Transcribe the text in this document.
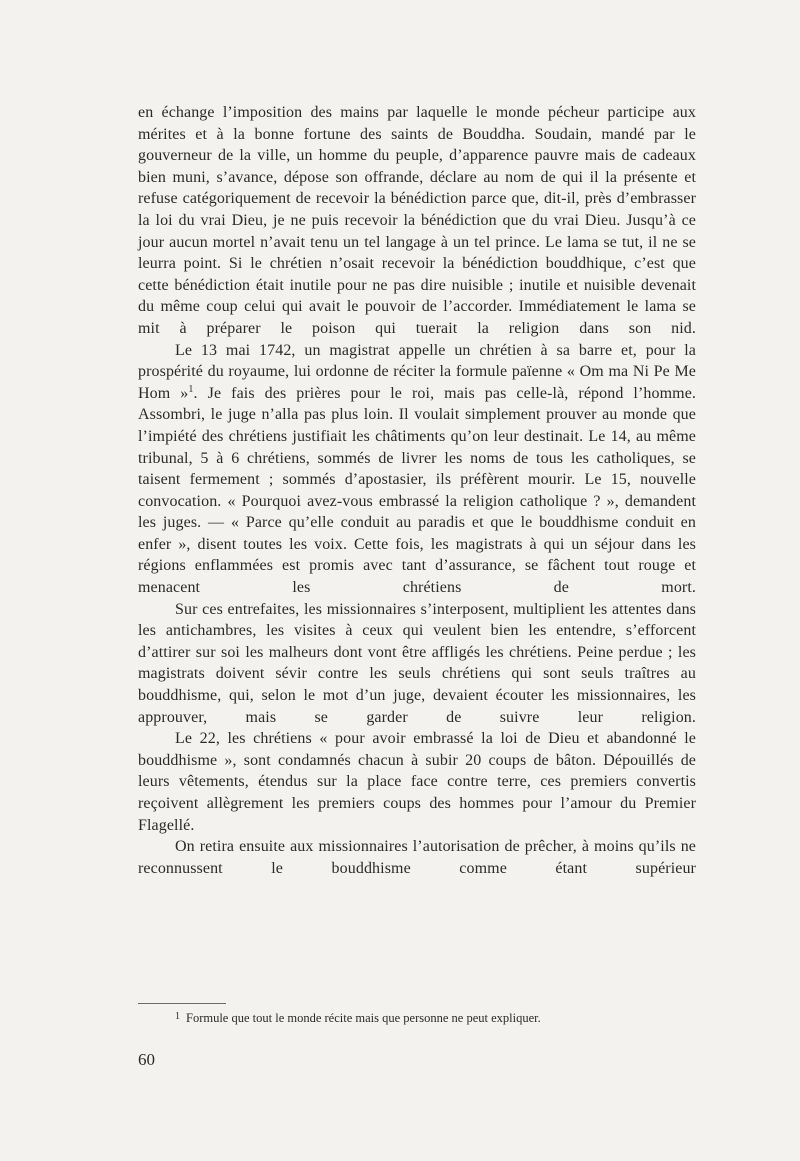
en échange l’imposition des mains par laquelle le monde pécheur participe aux mérites et à la bonne fortune des saints de Bouddha. Soudain, mandé par le gouverneur de la ville, un homme du peuple, d’apparence pauvre mais de cadeaux bien muni, s’avance, dépose son offrande, déclare au nom de qui il la présente et refuse catégoriquement de recevoir la bénédiction parce que, dit-il, près d’embrasser la loi du vrai Dieu, je ne puis recevoir la bénédiction que du vrai Dieu. Jusqu’à ce jour aucun mortel n’avait tenu un tel langage à un tel prince. Le lama se tut, il ne se leurra point. Si le chrétien n’osait recevoir la bénédiction bouddhique, c’est que cette bénédiction était inutile pour ne pas dire nuisible ; inutile et nuisible devenait du même coup celui qui avait le pouvoir de l’accorder. Immédiatement le lama se mit à préparer le poison qui tuerait la religion dans son nid.

Le 13 mai 1742, un magistrat appelle un chrétien à sa barre et, pour la prospérité du royaume, lui ordonne de réciter la formule païenne « Om ma Ni Pe Me Hom »$^1$. Je fais des prières pour le roi, mais pas celle-là, répond l’homme. Assombri, le juge n’alla pas plus loin. Il voulait simplement prouver au monde que l’impiété des chrétiens justifiait les châtiments qu’on leur destinait. Le 14, au même tribunal, 5 à 6 chrétiens, sommés de livrer les noms de tous les catholiques, se taisent fermement ; sommés d’apostasier, ils préfèrent mourir. Le 15, nouvelle convocation. « Pourquoi avez-vous embrassé la religion catholique ? », demandent les juges. — « Parce qu’elle conduit au paradis et que le bouddhisme conduit en enfer », disent toutes les voix. Cette fois, les magistrats à qui un séjour dans les régions enflammées est promis avec tant d’assurance, se fâchent tout rouge et menacent les chrétiens de mort.

Sur ces entrefaites, les missionnaires s’interposent, multiplient les attentes dans les antichambres, les visites à ceux qui veulent bien les entendre, s’efforcent d’attirer sur soi les malheurs dont vont être affligés les chrétiens. Peine perdue ; les magistrats doivent sévir contre les seuls chrétiens qui sont seuls traîtres au bouddhisme, qui, selon le mot d’un juge, devaient écouter les missionnaires, les approuver, mais se garder de suivre leur religion.

Le 22, les chrétiens « pour avoir embrassé la loi de Dieu et abandonné le bouddhisme », sont condamnés chacun à subir 20 coups de bâton. Dépouillés de leurs vêtements, étendus sur la place face contre terre, ces premiers convertis reçoivent allègrement les premiers coups des hommes pour l’amour du Premier Flagellé.

On retira ensuite aux missionnaires l’autorisation de prêcher, à moins qu’ils ne reconnussent le bouddhisme comme étant supérieur

$^1$ Formule que tout le monde récite mais que personne ne peut expliquer.

60
